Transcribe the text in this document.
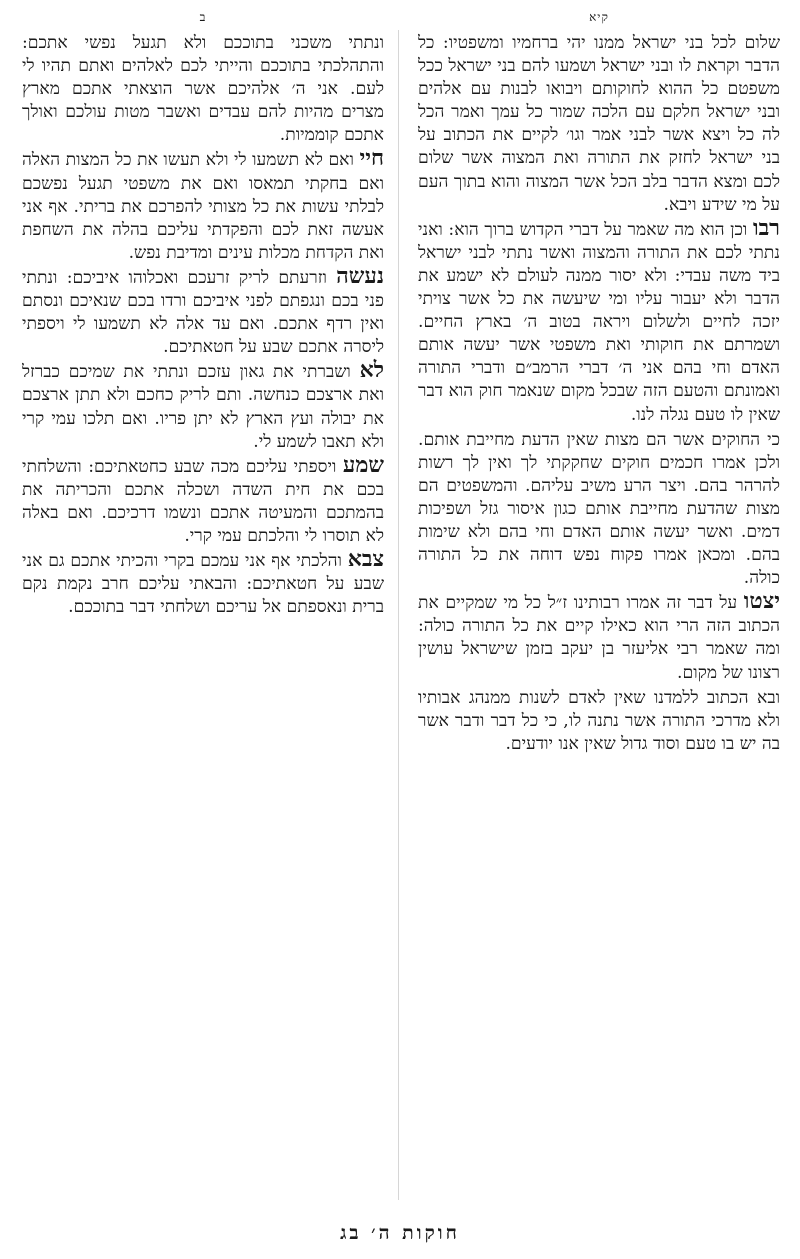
קיא
ב

שלום לכל בני ישראל ממנו יהי ברחמיו ומשפטיו: כל הדבר וקראת לו ובני ישראל ושמעו להם בני ישראל ככל משפטם כל ההוא לחוקותם ויבואו לבנות עם אלהים ובני ישראל חלקם עם הלכה שמור כל עמך ואמר הכל לה כל ויצא אשר לבני אמר וגו׳ לקיים את הכתוב על בני ישראל לחזק את התורה ואת המצוה אשר שלום לכם ומצא הדבר בלב הכל אשר המצוה והוא בתוך העם על מי שידע ויבא.

רבו וכן הוא מה שאמר על דברי הקדוש ברוך הוא: ואני נתתי לכם את התורה והמצוה ואשר נתתי לבני ישראל ביד משה עבדי: ולא יסור ממנה לעולם לא ישמע את הדבר ולא יעבור עליו ומי שיעשה את כל אשר צויתי יזכה לחיים ולשלום ויראה בטוב ה׳ בארץ החיים. ושמרתם את חוקותי ואת משפטי אשר יעשה אותם האדם וחי בהם אני ה׳ דברי הרמב״ם ודברי התורה ואמונתם והטעם הזה שבכל מקום שנאמר חוק הוא דבר שאין לו טעם נגלה לנו.

כי החוקים אשר הם מצות שאין הדעת מחייבת אותם. ולכן אמרו חכמים חוקים שחקקתי לך ואין לך רשות להרהר בהם. ויצר הרע משיב עליהם. והמשפטים הם מצות שהדעת מחייבת אותם כגון איסור גזל ושפיכות דמים. ואשר יעשה אותם האדם וחי בהם ולא שימות בהם. ומכאן אמרו פקוח נפש דוחה את כל התורה כולה.

יצטו על דבר זה אמרו רבותינו ז״ל כל מי שמקיים את הכתוב הזה הרי הוא כאילו קיים את כל התורה כולה: ומה שאמר רבי אליעזר בן יעקב בזמן שישראל עושין רצונו של מקום.

ובא הכתוב ללמדנו שאין לאדם לשנות ממנהג אבותיו ולא מדרכי התורה אשר נתנה לו, כי כל דבר ודבר אשר בה יש בו טעם וסוד גדול שאין אנו יודעים.

ונתתי משכני בתוככם ולא תגעל נפשי אתכם: והתהלכתי בתוככם והייתי לכם לאלהים ואתם תהיו לי לעם. אני ה׳ אלהיכם אשר הוצאתי אתכם מארץ מצרים מהיות להם עבדים ואשבר מטות עולכם ואולך אתכם קוממיות.

חיי ואם לא תשמעו לי ולא תעשו את כל המצות האלה ואם בחקתי תמאסו ואם את משפטי תגעל נפשכם לבלתי עשות את כל מצותי להפרכם את בריתי. אף אני אעשה זאת לכם והפקדתי עליכם בהלה את השחפת ואת הקדחת מכלות עינים ומדיבת נפש.

נעשה וזרעתם לריק זרעכם ואכלוהו איביכם: ונתתי פני בכם ונגפתם לפני איביכם ורדו בכם שנאיכם ונסתם ואין רדף אתכם. ואם עד אלה לא תשמעו לי ויספתי ליסרה אתכם שבע על חטאתיכם.

לא ושברתי את גאון עזכם ונתתי את שמיכם כברזל ואת ארצכם כנחשה. ותם לריק כחכם ולא תתן ארצכם את יבולה ועץ הארץ לא יתן פריו. ואם תלכו עמי קרי ולא תאבו לשמע לי.

שמע ויספתי עליכם מכה שבע כחטאתיכם: והשלחתי בכם את חית השדה ושכלה אתכם והכריתה את בהמתכם והמעיטה אתכם ונשמו דרכיכם. ואם באלה לא תוסרו לי והלכתם עמי קרי.

צבא והלכתי אף אני עמכם בקרי והכיתי אתכם גם אני שבע על חטאתיכם: והבאתי עליכם חרב נקמת נקם ברית ונאספתם אל עריכם ושלחתי דבר בתוככם.

חוקות ה׳ בג
